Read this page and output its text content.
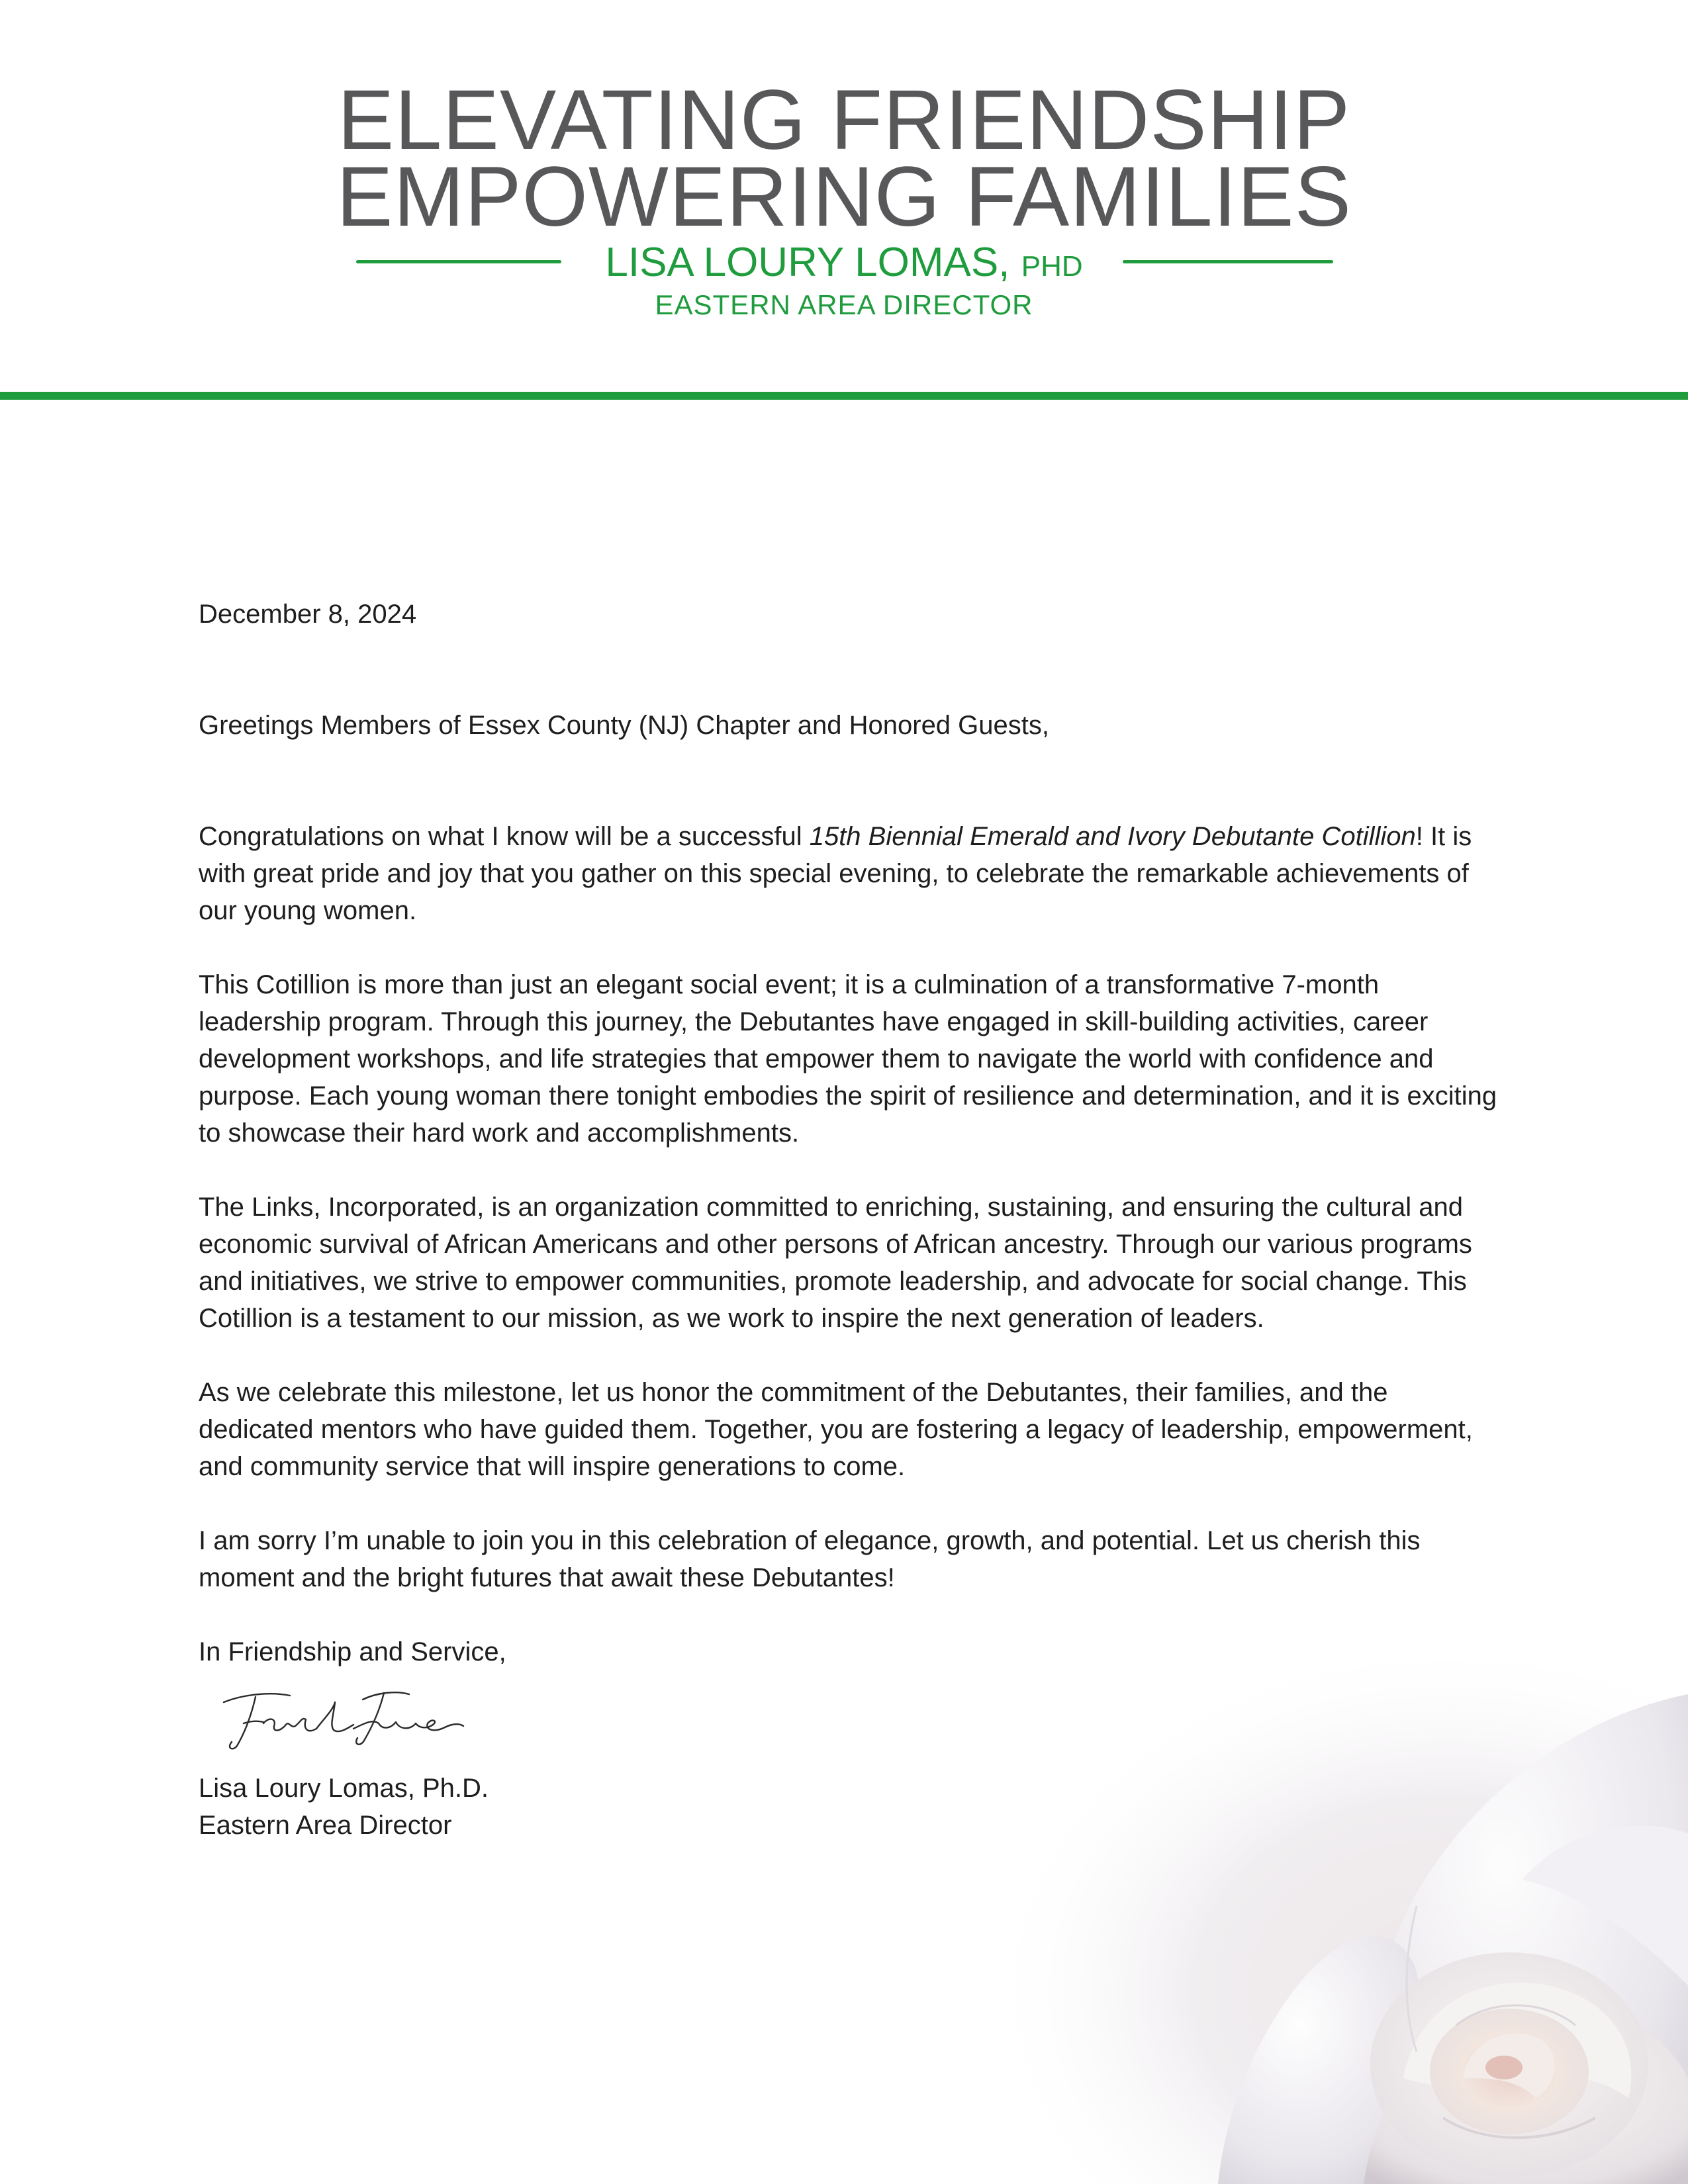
ELEVATING FRIENDSHIP
EMPOWERING FAMILIES
LISA LOURY LOMAS, PHD
EASTERN AREA DIRECTOR

December 8, 2024

Greetings Members of Essex County (NJ) Chapter and Honored Guests,

Congratulations on what I know will be a successful 15th Biennial Emerald and Ivory Debutante Cotillion! It is with great pride and joy that you gather on this special evening, to celebrate the remarkable achievements of our young women.

This Cotillion is more than just an elegant social event; it is a culmination of a transformative 7-month leadership program. Through this journey, the Debutantes have engaged in skill-building activities, career development workshops, and life strategies that empower them to navigate the world with confidence and purpose. Each young woman there tonight embodies the spirit of resilience and determination, and it is exciting to showcase their hard work and accomplishments.

The Links, Incorporated, is an organization committed to enriching, sustaining, and ensuring the cultural and economic survival of African Americans and other persons of African ancestry. Through our various programs and initiatives, we strive to empower communities, promote leadership, and advocate for social change. This Cotillion is a testament to our mission, as we work to inspire the next generation of leaders.

As we celebrate this milestone, let us honor the commitment of the Debutantes, their families, and the dedicated mentors who have guided them. Together, you are fostering a legacy of leadership, empowerment, and community service that will inspire generations to come.

I am sorry I’m unable to join you in this celebration of elegance, growth, and potential. Let us cherish this moment and the bright futures that await these Debutantes!

In Friendship and Service,

Lisa Loury Lomas, Ph.D.

Eastern Area Director
